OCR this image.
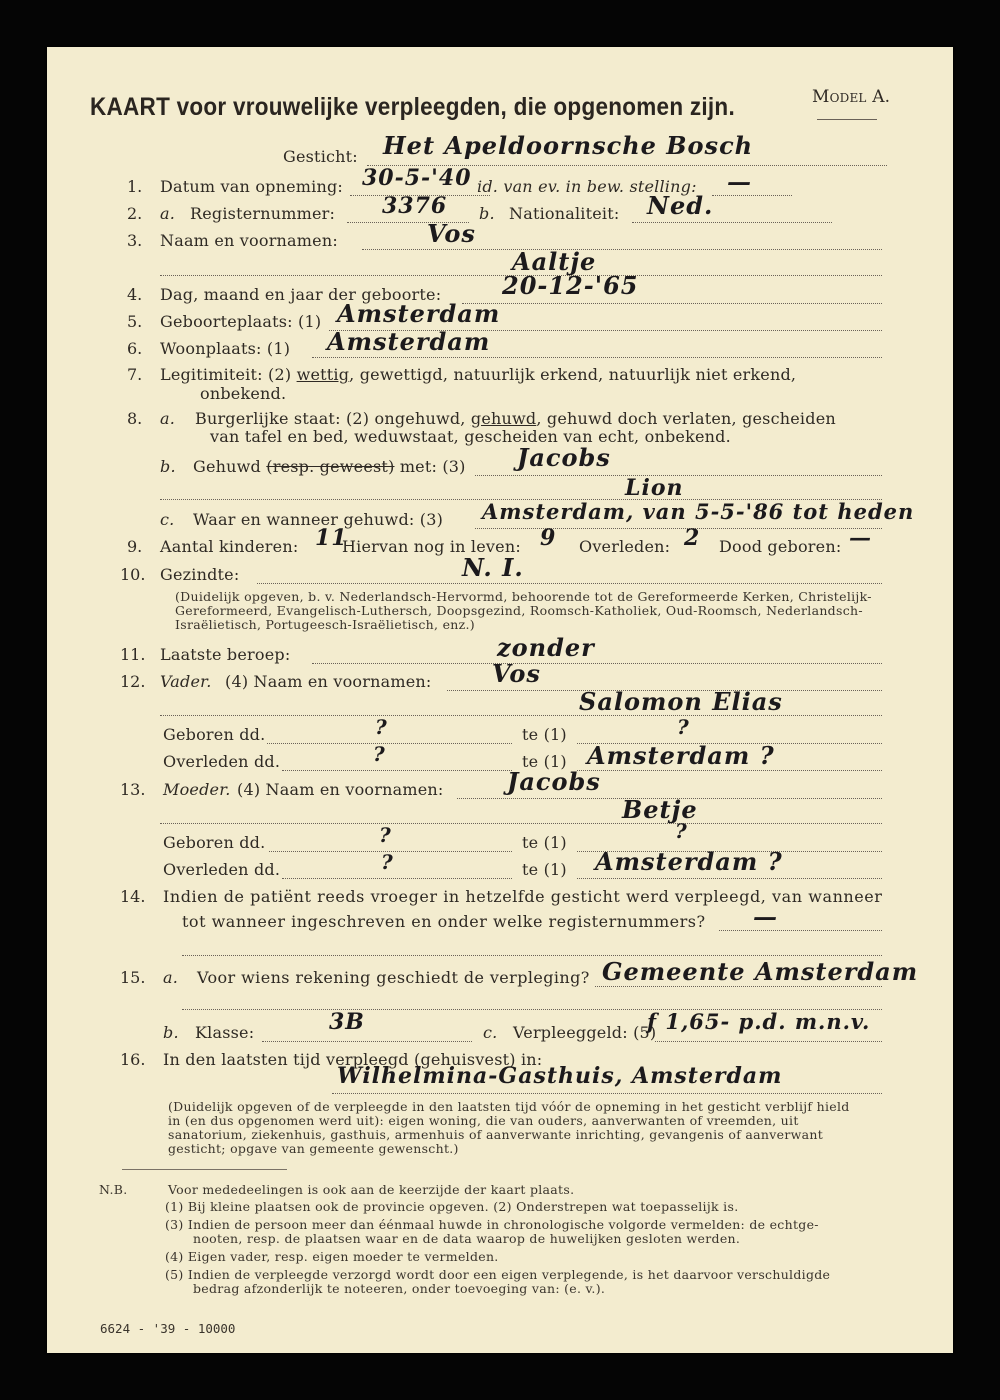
KAART voor vrouwelijke verpleegden, die opgenomen zijn.	Model A.
Gesticht: Het Apeldoornsche Bosch
1. Datum van opneming: 30-5-'40 id. van ev. in bew. stelling: —
2. a. Registernummer: 3376 b. Nationaliteit: Ned.
3. Naam en voornamen:	Vos
Aaltje
4. Dag, maand en jaar der geboorte:	20-12-'65
5. Geboorteplaats: (1) Amsterdam
6. Woonplaats: (1) Amsterdam
7. Legitimiteit: (2) wettig, gewettigd, natuurlijk erkend, natuurlijk niet erkend,
onbekend.
8. a. Burgerlijke staat: (2) ongehuwd, gehuwd, gehuwd doch verlaten, gescheiden
van tafel en bed, weduwstaat, gescheiden van echt, onbekend.
b. Gehuwd (resp. geweest) met: (3) Jacobs
Lion
c. Waar en wanneer gehuwd: (3) Amsterdam, van 5-5-'86 tot heden
9. Aantal kinderen: 11
Hiervan nog in leven: 9 Overleden: 2 Dood geboren: —
10. Gezindte:	N. I.
(Duidelijk opgeven, b. v. Nederlandsch-Hervormd, behoorende tot de Gereformeerde Kerken, Christelijk-
Gereformeerd, Evangelisch-Luthersch, Doopsgezind, Roomsch-Katholiek, Oud-Roomsch, Nederlandsch-
Israëlietisch, Portugeesch-Israëlietisch, enz.)
11. Laatste beroep:	zonder
12. Vader. (4) Naam en voornamen:	Vos
Salomon Elias
Geboren dd.	?	te (1)	?
Overleden dd.	?	te (1) Amsterdam ?
13. Moeder. (4) Naam en voornamen:	Jacobs
Betje
Geboren dd.	?	te (1)	?
Overleden dd.	?	te (1) Amsterdam ?
14. Indien de patiënt reeds vroeger in hetzelfde gesticht werd verpleegd, van wanneer
tot wanneer ingeschreven en onder welke registernummers? —
15. a. Voor wiens rekening geschiedt de verpleging? Gemeente Amsterdam
b. Klasse:	3B	c. Verpleeggeld: (5)
f 1,65- p.d. m.n.v.
16. In den laatsten tijd verpleegd (gehuisvest) in:
Wilhelmina-Gasthuis, Amsterdam
(Duidelijk opgeven of de verpleegde in den laatsten tijd vóór de opneming in het gesticht verblijf hield
in (en dus opgenomen werd uit): eigen woning, die van ouders, aanverwanten of vreemden, uit
sanatorium, ziekenhuis, gasthuis, armenhuis of aanverwante inrichting, gevangenis of aanverwant
gesticht; opgave van gemeente gewenscht.)
N.B.	Voor mededeelingen is ook aan de keerzijde der kaart plaats.
(1) Bij kleine plaatsen ook de provincie opgeven. (2) Onderstrepen wat toepasselijk is.
(3) Indien de persoon meer dan éénmaal huwde in chronologische volgorde vermelden: de echtge-
nooten, resp. de plaatsen waar en de data waarop de huwelijken gesloten werden.
(4) Eigen vader, resp. eigen moeder te vermelden.
(5) Indien de verpleegde verzorgd wordt door een eigen verplegende, is het daarvoor verschuldigde
bedrag afzonderlijk te noteeren, onder toevoeging van: (e. v.).
6624 - '39 - 10000
